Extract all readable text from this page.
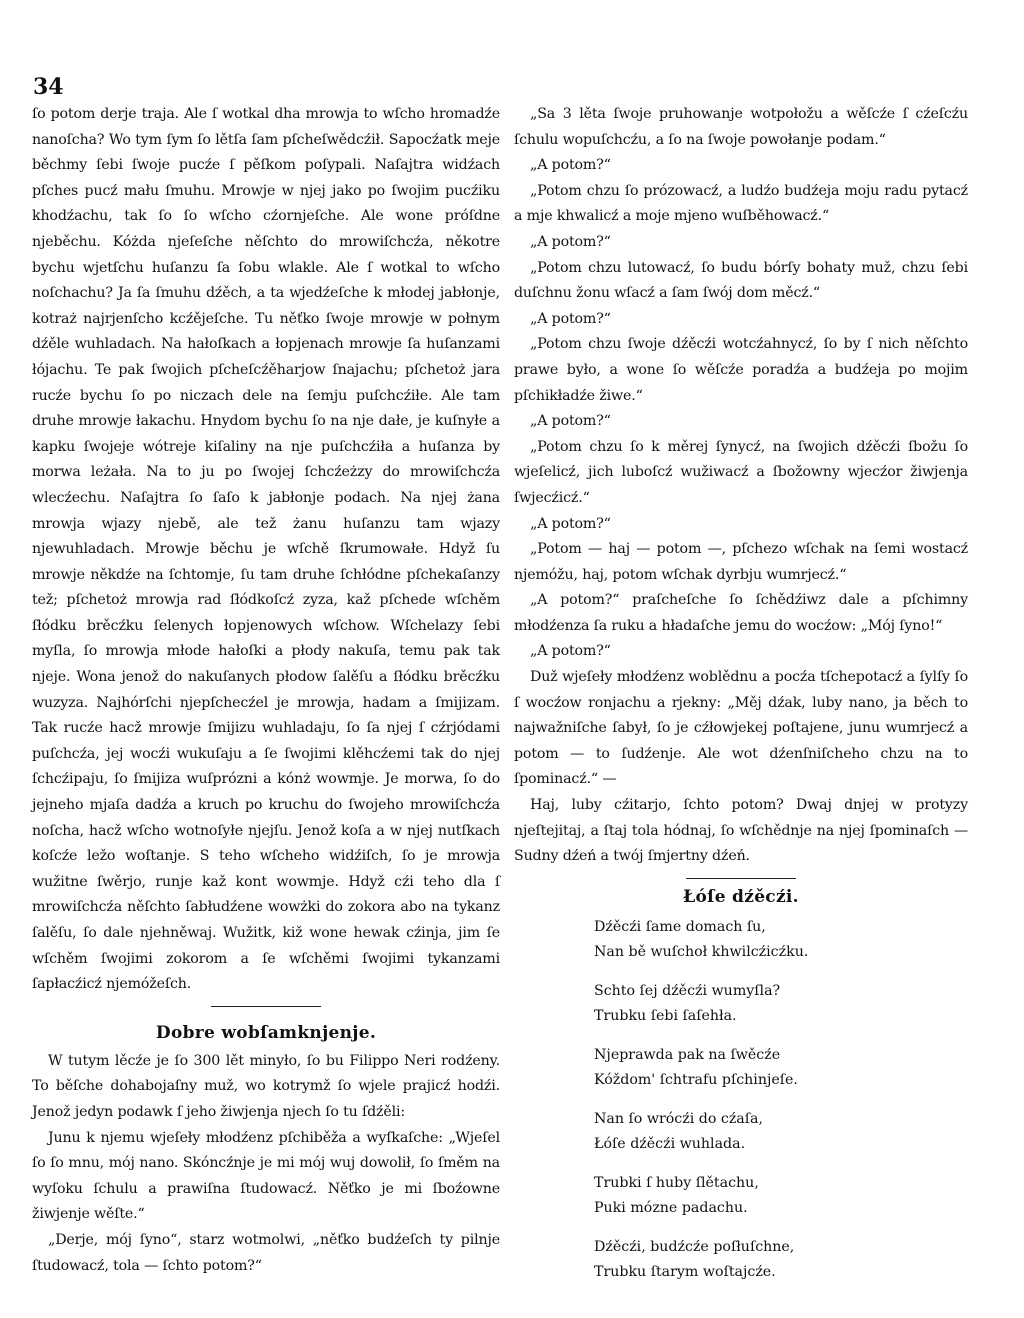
34

ſo potom derje traja. Ale ſ wotkal dha mrowja to wſcho hromadźe nanoſcha? Wo tym ſym ſo lětſa ſam pſcheſwědcźił. Sapocźatk meje běchmy ſebi ſwoje pucźe ſ pěſkom poſypali. Naſajtra widźach pſches pucź mału ſmuhu. Mrowje w njej jako po ſwojim pucźiku khodźachu, tak ſo ſo wſcho cźornjeſche. Ale wone próſdne njeběchu. Kóżda njeſeſche něſchto do mrowiſchcźa, někotre bychu wjetſchu huſanzu ſa ſobu wlakle. Ale ſ wotkal to wſcho noſchachu? Ja ſa ſmuhu dźěch, a ta wjedźeſche k młodej jabłonje, kotraż najrjenſcho kcźějeſche. Tu něťko ſwoje mrowje w połnym dźěle wuhladach. Na hałoſkach a łopjenach mrowje ſa huſanzami łójachu. Te pak ſwojich pſcheſcźěharjow ſnajachu; pſchetoż jara rucźe bychu ſo po niczach dele na ſemju puſchcźiłe. Ale tam druhe mrowje łakachu. Hnydom bychu ſo na nje dałe, je kuſnyłe a kapku ſwojeje wótreje kiſaliny na nje puſchcźiła a huſanza by morwa leżała. Na to ju po ſwojej ſchcźeżzy do mrowiſchcźa wlecźechu. Naſajtra ſo ſaſo k jabłonje podach. Na njej żana mrowja wjazy njebě, ale tež żanu huſanzu tam wjazy njewuhladach. Mrowje běchu je wſchě ſkrumowałe. Hdyž ſu mrowje někdźe na ſchtomje, ſu tam druhe ſchłódne pſchekaſanzy tež; pſchetoż mrowja rad ſłódkoſcź zyza, kaž pſchede wſchěm ſłódku brěcźku ſelenych łopjenowych wſchow. Wſchelazy ſebi myſla, ſo mrowja młode hałoſki a płody nakuſa, temu pak tak njeje. Wona jenož do nakuſanych płodow ſalěſu a ſłódku brěcźku wuzyza. Najhórſchi njepſchecźel je mrowja, hadam a ſmijizam. Tak rucźe hacž mrowje ſmijizu wuhladaju, ſo ſa njej ſ cźrjódami puſchcźa, jej wocźi wukuſaju a ſe ſwojimi klěhcźemi tak do njej ſchcźipaju, ſo ſmijiza wuſprózni a kónż wowmje. Je morwa, ſo do jejneho mjaſa dadźa a kruch po kruchu do ſwojeho mrowiſchcźa noſcha, hacž wſcho wotnoſyłe njejſu. Jenož koſa a w njej nutſkach koſcźe ležo woſtanje. S teho wſcheho widźiſch, ſo je mrowja wužitne ſwěrjo, runje kaž kont wowmje. Hdyž cźi teho dla ſ mrowiſchcźa něſchto ſabłudźene wowżki do zokora abo na tykanz ſalěſu, ſo dale njehněwaj. Wužitk, kiž wone hewak cźinja, jim ſe wſchěm ſwojimi zokorom a ſe wſchěmi ſwojimi tykanzami ſapłacźicź njemóžeſch.

Dobre wobſamknjenje.

W tutym lěcźe je ſo 300 lět minyło, ſo bu Filippo Neri rodźeny. To běſche dohabojaſny muž, wo kotrymž ſo wjele prajicź hodźi. Jenož jedyn podawk ſ jeho žiwjenja njech ſo tu ſdźěli:

Junu k njemu wjeſeły młodźenz pſchiběža a wyſkaſche: „Wjeſel ſo ſo mnu, mój nano. Skóncźnje je mi mój wuj dowolił, ſo ſměm na wyſoku ſchulu a prawiſna ſtudowacź. Něťko je mi ſboźowne žiwjenje wěſte.“

„Derje, mój ſyno“, starz wotmolwi, „něťko budźeſch ty pilnje ſtudowacź, tola — ſchto potom?“

„Sa 3 lěta ſwoje pruhowanje wotpołožu a wěſcźe ſ cźeſcźu ſchulu wopuſchcźu, a ſo na ſwoje powołanje podam.“

„A potom?“

„Potom chzu ſo prózowacź, a ludźo budźeja moju radu pytacź a mje khwalicź a moje mjeno wuſběhowacź.“

„A potom?“

„Potom chzu lutowacź, ſo budu bórſy bohaty muž, chzu ſebi duſchnu žonu wſacź a ſam ſwój dom měcź.“

„A potom?“

„Potom chzu ſwoje dźěcźi wotcźahnycź, ſo by ſ nich něſchto prawe było, a wone ſo wěſcźe poradźa a budźeja po mojim pſchikładźe žiwe.“

„A potom?“

„Potom chzu ſo k měrej ſynycź, na ſwojich dźěcźi ſbožu ſo wjeſelicź, jich luboſcź wužiwacź a ſbožowny wjecźor žiwjenja ſwjecźicź.“

„A potom?“

„Potom — haj — potom —, pſchezo wſchak na ſemi wostacź njemóžu, haj, potom wſchak dyrbju wumrjecź.“

„A potom?“ praſcheſche ſo ſchědźiwz dale a pſchimny młodźenza ſa ruku a hładaſche jemu do wocźow: „Mój ſyno!“

„A potom?“

Duž wjeſeły młodźenz woblědnu a pocźa tſchepotacź a ſylſy ſo ſ wocźow ronjachu a rjekny: „Měj dźak, luby nano, ja běch to najwažniſche ſabył, ſo je cźłowjekej poſtajene, junu wumrjecź a potom — to ſudźenje. Ale wot dźenſniſcheho chzu na to ſpominacź.“ —

Haj, luby cźitarjo, ſchto potom? Dwaj dnjej w protyzy njeſtejitaj, a ſtaj tola hódnaj, ſo wſchědnje na njej ſpominaſch — Sudny dźeń a twój ſmjertny dźeń.

Łóſe dźěcźi.
Dźěcźi ſame domach ſu,
Nan bě wuſchoł khwilcźicźku.
Schto ſej dźěcźi wumyſla?
Trubku ſebi ſaſehła.
Njeprawda pak na ſwěcźe
Kóždom' ſchtrafu pſchinjeſe.
Nan ſo wrócźi do cźaſa,
Łóſe dźěcźi wuhlada.
Trubki ſ huby ſlětachu,
Puki mózne padachu.
Dźěcźi, budźcźe poſłuſchne,
Trubku ſtarym woſtajcźe.
